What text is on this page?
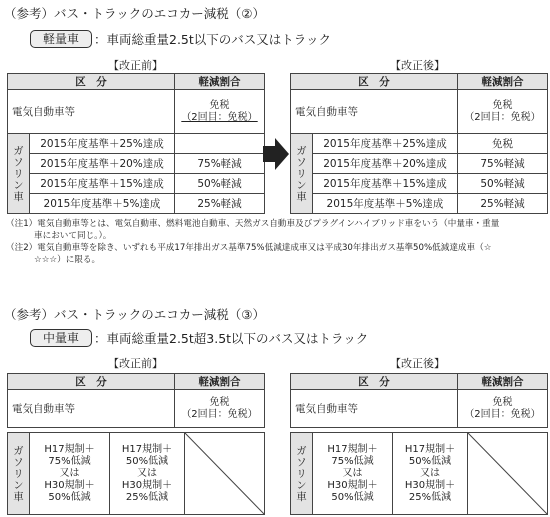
（参考）バス・トラックのエコカー減税（②）
軽量車	：車両総重量2.5t以下のバス又はトラック
【改正前】	【改正後】
区　分		軽減割合
電気自動車等		免税
（2回目：免税）

ガソリン車	2015年度基準＋25%達成	
	2015年度基準＋20%達成	75%軽減
	2015年度基準＋15%達成	50%軽減
	2015年度基準＋5%達成	25%軽減
区　分		軽減割合
電気自動車等		免税
（2回目：免税）

ガソリン車	2015年度基準＋25%達成	免税
	2015年度基準＋20%達成	75%軽減
	2015年度基準＋15%達成	50%軽減
	2015年度基準＋5%達成	25%軽減
（注1）電気自動車等とは、電気自動車、燃料電池自動車、天然ガス自動車及びプラグインハイブリッド車をいう（中量車・重量
車において同じ。）。
（注2）電気自動車等を除き、いずれも平成17年排出ガス基準75%低減達成車又は平成30年排出ガス基準50%低減達成車（☆
☆☆☆）に限る。
（参考）バス・トラックのエコカー減税（③）
中量車	：車両総重量2.5t超3.5t以下のバス又はトラック
【改正前】	【改正後】
区　分	軽減割合
電気自動車等	免税
（2回目：免税）
ガソリン車	H17規制＋
75%低減
又は
H30規制＋
50%低減

H17規制＋
50%低減
又は
H30規制＋
25%低減

区　分	軽減割合
電気自動車等	免税
（2回目：免税）
ガソリン車	H17規制＋
75%低減
又は
H30規制＋
50%低減

H17規制＋
50%低減
又は
H30規制＋
25%低減
